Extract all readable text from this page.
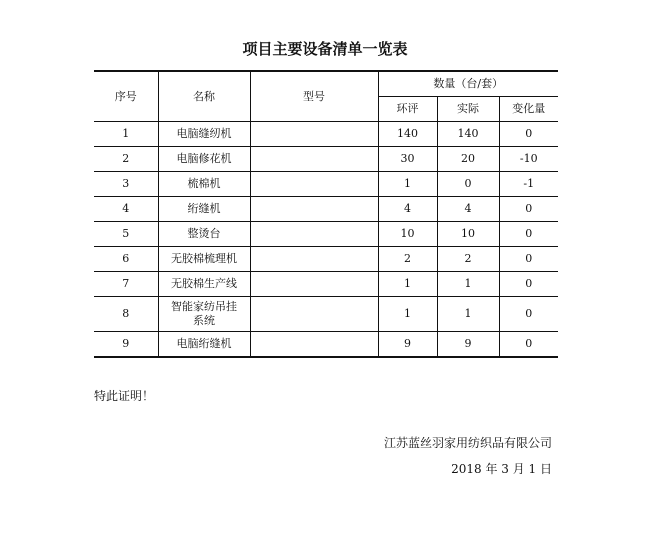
项目主要设备清单一览表
序号	名称	型号	数量（台/套）		
			环评	实际	变化量
1	电脑缝纫机		140	140	0
2	电脑修花机		30	20	-10
3	梳棉机		1	0	-1
4	绗缝机		4	4	0
5	整烫台		10	10	0
6	无胶棉梳理机		2	2	0
7	无胶棉生产线		1	1	0
8	智能家纺吊挂系统		1	1	0
9	电脑绗缝机		9	9	0
特此证明！
江苏蓝丝羽家用纺织品有限公司
2018 年 3 月 1 日
